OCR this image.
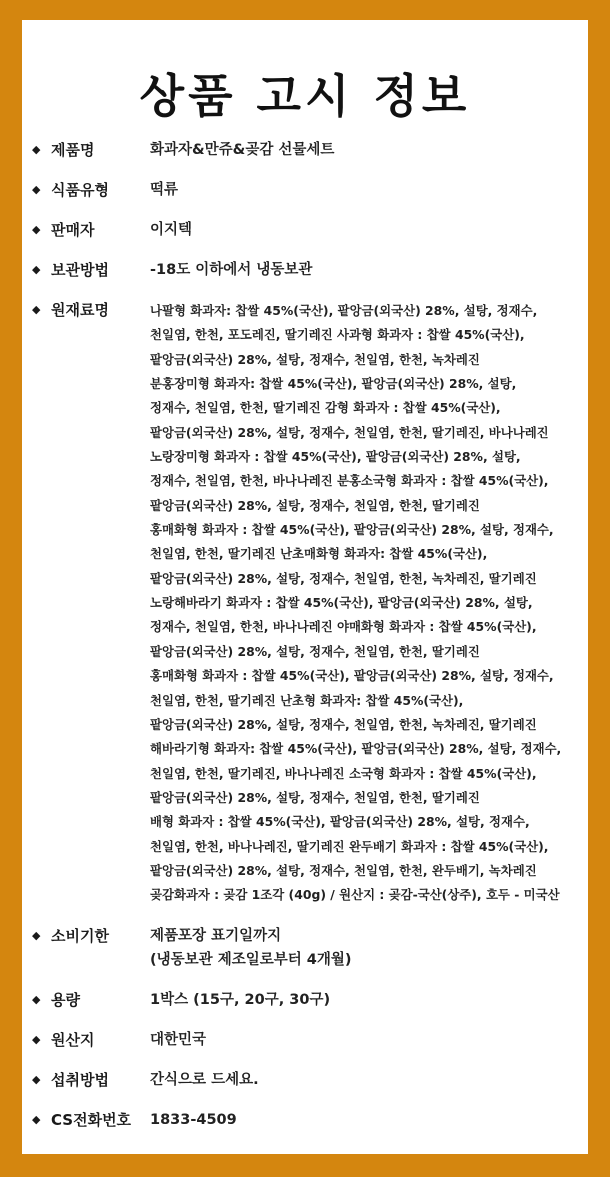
상품 고시 정보
◆ 제품명	화과자&만쥬&곶감 선물세트
◆ 식품유형	떡류
◆ 판매자	이지텍
◆ 보관방법	-18도 이하에서 냉동보관
◆ 원재료명	나팔형 화과자: 찹쌀 45%(국산), 팥앙금(외국산) 28%, 설탕, 정재수,
천일염, 한천, 포도레진, 딸기레진 사과형 화과자 : 찹쌀 45%(국산),
팥앙금(외국산) 28%, 설탕, 정재수, 천일염, 한천, 녹차레진
분홍장미형 화과자: 찹쌀 45%(국산), 팥앙금(외국산) 28%, 설탕,
정재수, 천일염, 한천, 딸기레진 감형 화과자 : 찹쌀 45%(국산),
팥앙금(외국산) 28%, 설탕, 정재수, 천일염, 한천, 딸기레진, 바나나레진
노랑장미형 화과자 : 찹쌀 45%(국산), 팥앙금(외국산) 28%, 설탕,
정재수, 천일염, 한천, 바나나레진 분홍소국형 화과자 : 찹쌀 45%(국산),
팥앙금(외국산) 28%, 설탕, 정재수, 천일염, 한천, 딸기레진
홍매화형 화과자 : 찹쌀 45%(국산), 팥앙금(외국산) 28%, 설탕, 정재수,
천일염, 한천, 딸기레진 난초매화형 화과자: 찹쌀 45%(국산),
팥앙금(외국산) 28%, 설탕, 정재수, 천일염, 한천, 녹차레진, 딸기레진
노랑해바라기 화과자 : 찹쌀 45%(국산), 팥앙금(외국산) 28%, 설탕,
정재수, 천일염, 한천, 바나나레진 야매화형 화과자 : 찹쌀 45%(국산),
팥앙금(외국산) 28%, 설탕, 정재수, 천일염, 한천, 딸기레진
홍매화형 화과자 : 찹쌀 45%(국산), 팥앙금(외국산) 28%, 설탕, 정재수,
천일염, 한천, 딸기레진 난초형 화과자: 찹쌀 45%(국산),
팥앙금(외국산) 28%, 설탕, 정재수, 천일염, 한천, 녹차레진, 딸기레진
해바라기형 화과자: 찹쌀 45%(국산), 팥앙금(외국산) 28%, 설탕, 정재수,
천일염, 한천, 딸기레진, 바나나레진 소국형 화과자 : 찹쌀 45%(국산),
팥앙금(외국산) 28%, 설탕, 정재수, 천일염, 한천, 딸기레진
배형 화과자 : 찹쌀 45%(국산), 팥앙금(외국산) 28%, 설탕, 정재수,
천일염, 한천, 바나나레진, 딸기레진 완두배기 화과자 : 찹쌀 45%(국산),
팥앙금(외국산) 28%, 설탕, 정재수, 천일염, 한천, 완두배기, 녹차레진
곶감화과자 : 곶감 1조각 (40g) / 원산지 : 곶감-국산(상주), 호두 - 미국산
◆ 소비기한	제품포장 표기일까지
(냉동보관 제조일로부터 4개월)
◆ 용량	1박스 (15구, 20구, 30구)
◆ 원산지	대한민국
◆ 섭취방법	간식으로 드세요.
◆ CS전화번호 1833-4509
